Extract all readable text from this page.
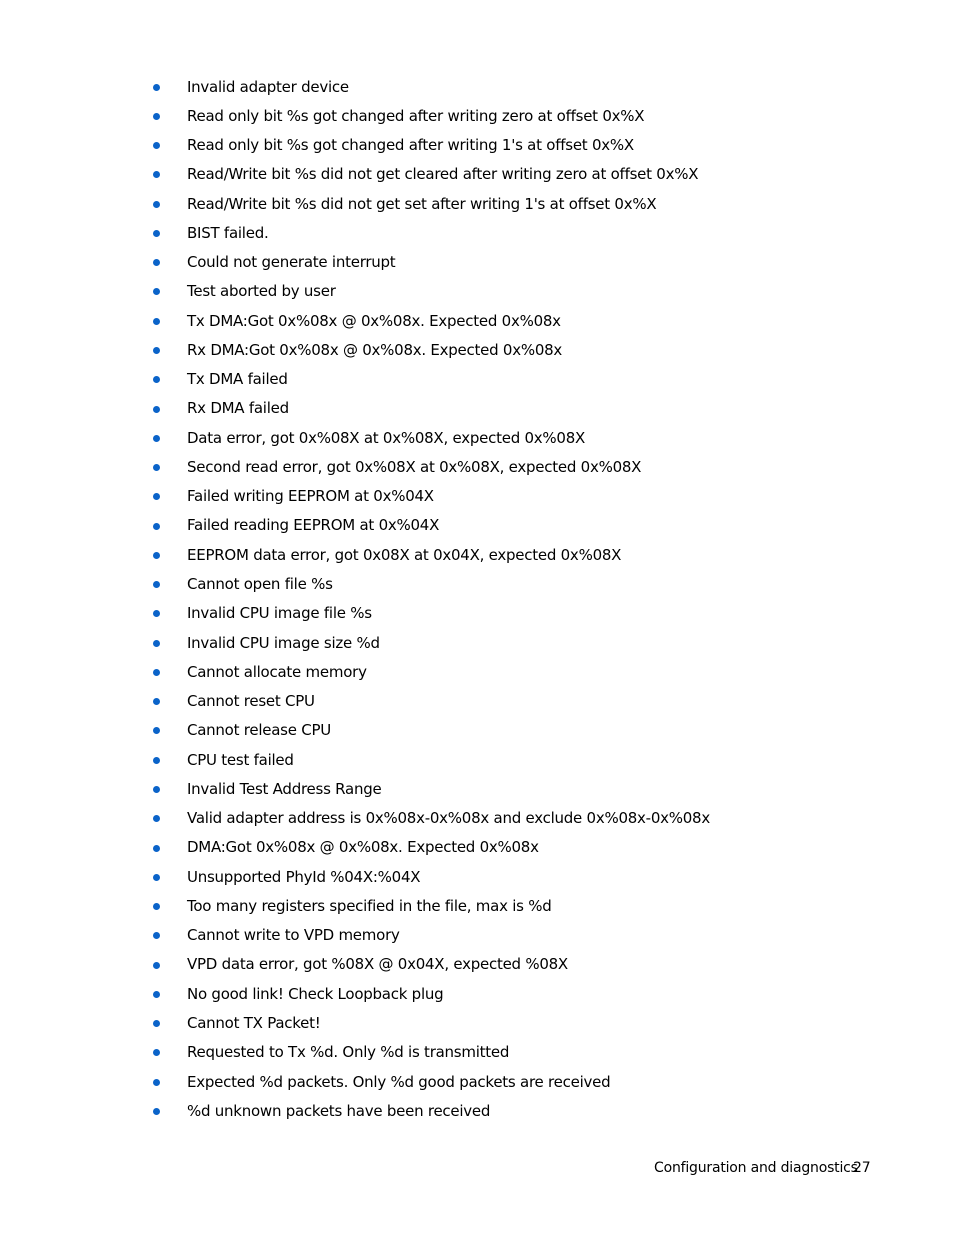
Invalid adapter device
Read only bit %s got changed after writing zero at offset 0x%X
Read only bit %s got changed after writing 1's at offset 0x%X
Read/Write bit %s did not get cleared after writing zero at offset 0x%X
Read/Write bit %s did not get set after writing 1's at offset 0x%X
BIST failed.
Could not generate interrupt
Test aborted by user
Tx DMA:Got 0x%08x @ 0x%08x. Expected 0x%08x
Rx DMA:Got 0x%08x @ 0x%08x. Expected 0x%08x
Tx DMA failed
Rx DMA failed
Data error, got 0x%08X at 0x%08X, expected 0x%08X
Second read error, got 0x%08X at 0x%08X, expected 0x%08X
Failed writing EEPROM at 0x%04X
Failed reading EEPROM at 0x%04X
EEPROM data error, got 0x08X at 0x04X, expected 0x%08X
Cannot open file %s
Invalid CPU image file %s
Invalid CPU image size %d
Cannot allocate memory
Cannot reset CPU
Cannot release CPU
CPU test failed
Invalid Test Address Range
Valid adapter address is 0x%08x-0x%08x and exclude 0x%08x-0x%08x
DMA:Got 0x%08x @ 0x%08x. Expected 0x%08x
Unsupported PhyId %04X:%04X
Too many registers specified in the file, max is %d
Cannot write to VPD memory
VPD data error, got %08X @ 0x04X, expected %08X
No good link! Check Loopback plug
Cannot TX Packet!
Requested to Tx %d. Only %d is transmitted
Expected %d packets. Only %d good packets are received
%d unknown packets have been received
Configuration and diagnostics
27
